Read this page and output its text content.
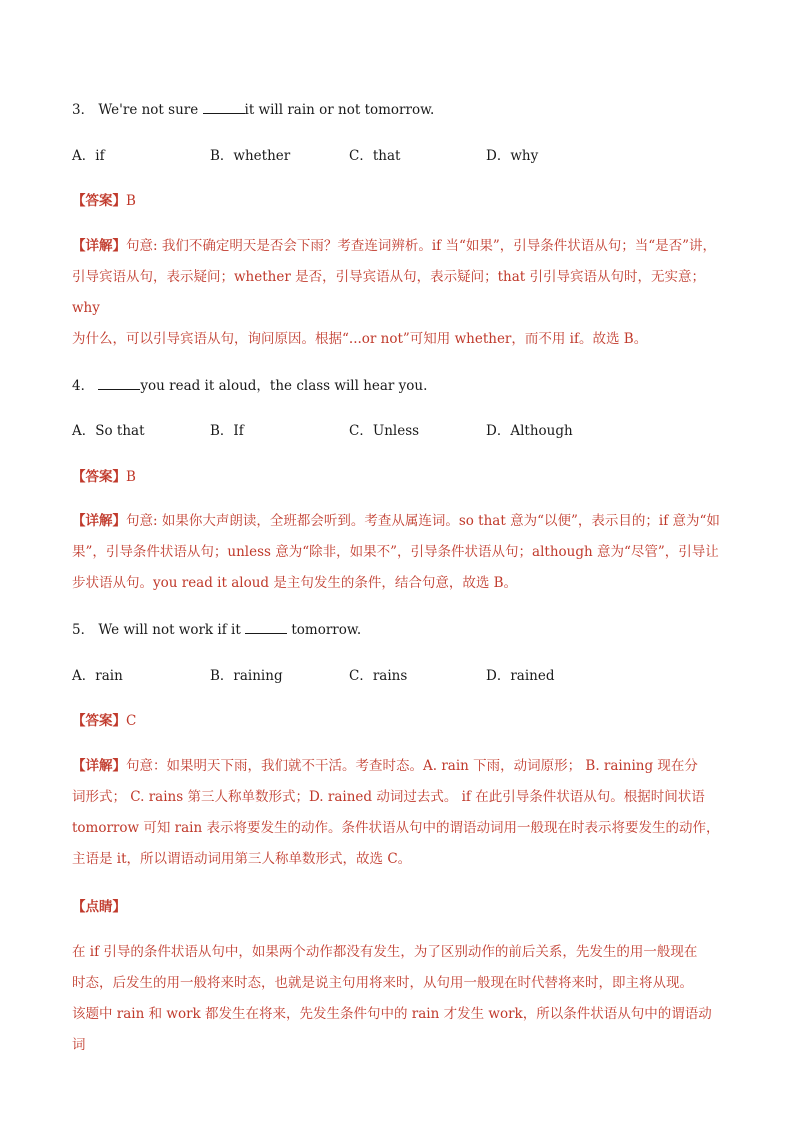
3． We're not sure	it will rain or not tomorrow.
A．if	B．whether	C．that	D．why
【答案】B
【详解】句意: 我们不确定明天是否会下雨？考查连词辨析。if 当“如果”，引导条件状语从句；当“是否”讲，
引导宾语从句，表示疑问；whether 是否，引导宾语从句，表示疑问；that 引引导宾语从句时，无实意；why
为什么，可以引导宾语从句，询问原因。根据“...or not”可知用 whether，而不用 if。故选 B。
4．	you read it aloud，the class will hear you.
A．So that	B．If	C．Unless	D．Although
【答案】B
【详解】句意: 如果你大声朗读，全班都会听到。考查从属连词。so that 意为“以便”，表示目的；if 意为“如
果”，引导条件状语从句；unless 意为“除非，如果不”，引导条件状语从句；although 意为“尽管”，引导让
步状语从句。you read it aloud 是主句发生的条件，结合句意，故选 B。
5． We will not work if it	tomorrow.
A．rain	B．raining	C．rains	D．rained
【答案】C
【详解】句意：如果明天下雨，我们就不干活。考查时态。A. rain 下雨，动词原形； B. raining 现在分
词形式； C. rains 第三人称单数形式；D. rained 动词过去式。 if 在此引导条件状语从句。根据时间状语
tomorrow 可知 rain 表示将要发生的动作。条件状语从句中的谓语动词用一般现在时表示将要发生的动作，
主语是 it，所以谓语动词用第三人称单数形式，故选 C。
【点睛】
在 if 引导的条件状语从句中，如果两个动作都没有发生，为了区别动作的前后关系，先发生的用一般现在
时态，后发生的用一般将来时态，也就是说主句用将来时，从句用一般现在时代替将来时，即主将从现。
该题中 rain 和 work 都发生在将来，先发生条件句中的 rain 才发生 work，所以条件状语从句中的谓语动词
